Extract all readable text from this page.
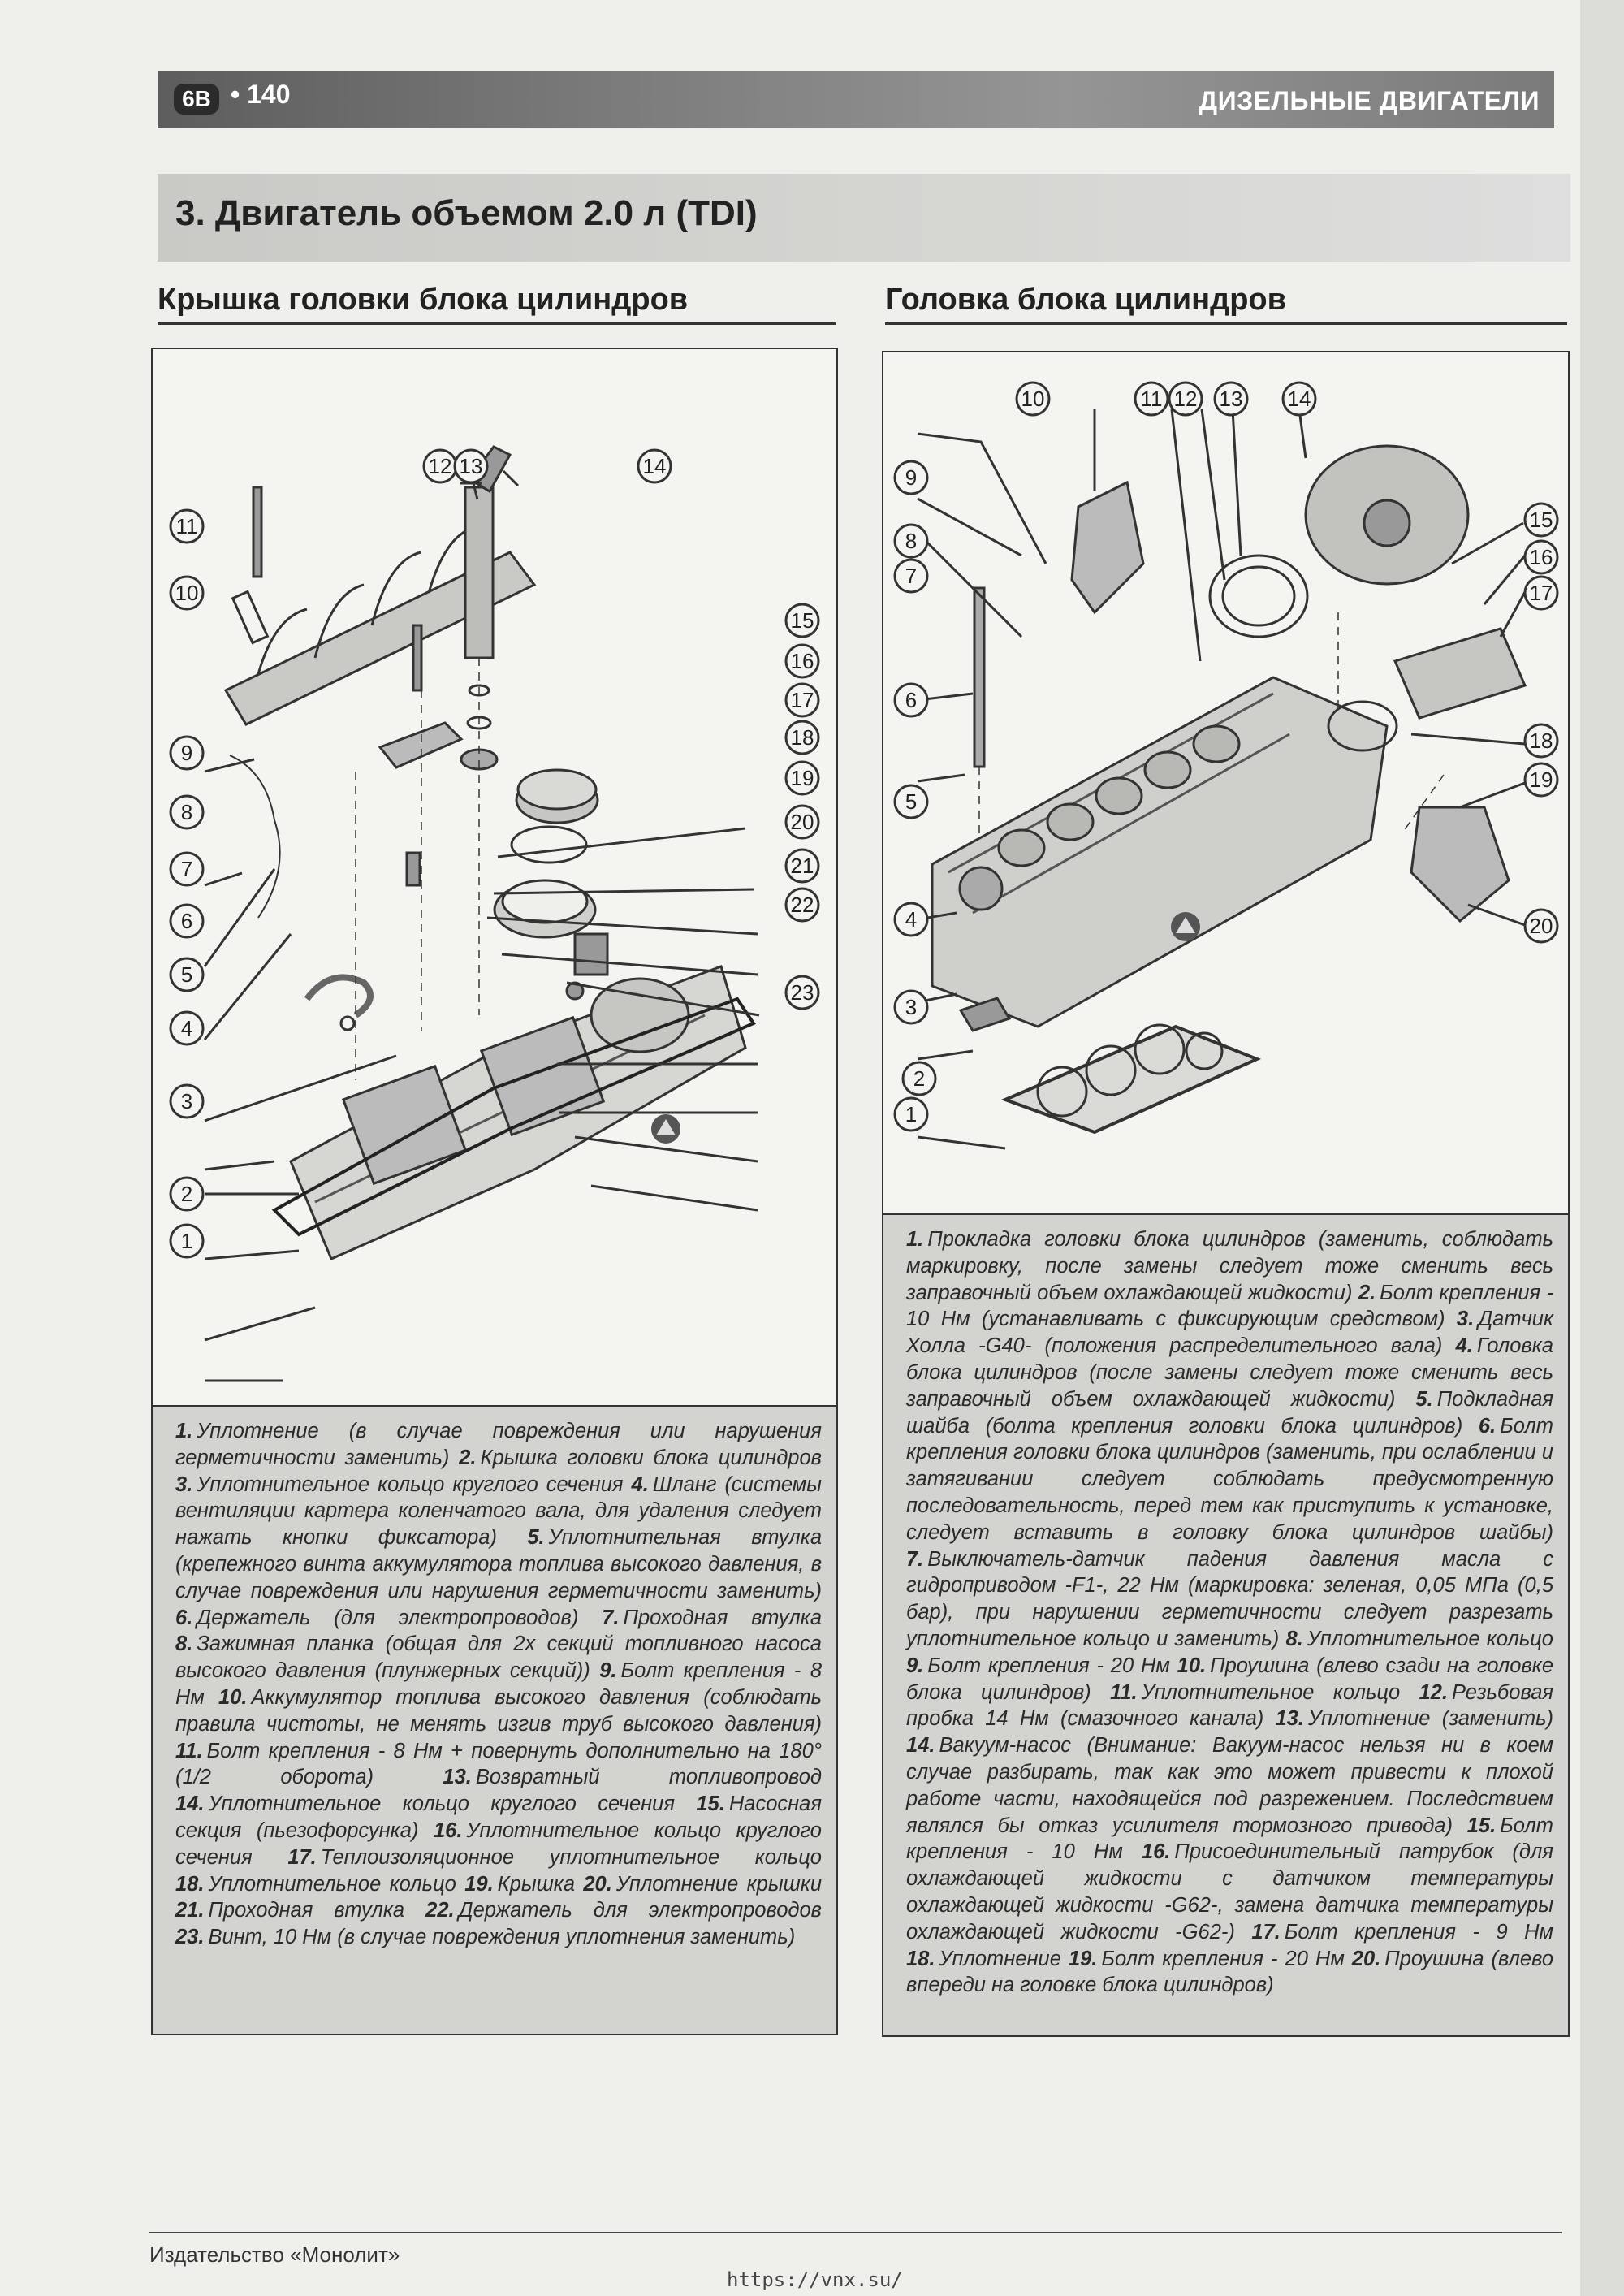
6B • 140	ДИЗЕЛЬНЫЕ ДВИГАТЕЛИ
3. Двигатель объемом 2.0 л (TDI)
Крышка головки блока цилиндров
11
10
9
8
7
6
5
4
3
2
1
12 13	14
15
16
17
18
19
20
21
22
23
1. Уплотнение (в случае повреждения или нарушения герметичности заменить) 2. Крышка головки блока цилиндров 3. Уплотнительное кольцо круглого сечения 4. Шланг (системы вентиляции картера коленчатого вала, для удаления следует нажать кнопки фиксатора) 5. Уплотнительная втулка (крепежного винта аккумулятора топлива высокого давления, в случае повреждения или нарушения герметичности заменить) 6. Держатель (для электропроводов) 7. Проходная втулка 8. Зажимная планка (общая для 2х секций топливного насоса высокого давления (плунжерных секций)) 9. Болт крепления - 8 Нм 10. Аккумулятор топлива высокого давления (соблюдать правила чистоты, не менять изгив труб высокого давления) 11. Болт крепления - 8 Нм + повернуть дополнительно на 180° (1/2 оборота) 13. Возвратный топливопровод 14. Уплотнительное кольцо круглого сечения 15. Насосная секция (пьезофорсунка) 16. Уплотнительное кольцо круглого сечения 17. Теплоизоляционное уплотнительное кольцо 18. Уплотнительное кольцо 19. Крышка 20. Уплотнение крышки 21. Проходная втулка 22. Держатель для электропроводов 23. Винт, 10 Нм (в случае повреждения уплотнения заменить)
Головка блока цилиндров
10	11 12 13 14
9
8
7
6
5
4
3
2
1
15
16
17
18
19
20
1. Прокладка головки блока цилиндров (заменить, соблюдать маркировку, после замены следует тоже сменить весь заправочный объем охлаждающей жидкости) 2. Болт крепления - 10 Нм (устанавливать с фиксирующим средством) 3. Датчик Холла -G40- (положения распределительного вала) 4. Головка блока цилиндров (после замены следует тоже сменить весь заправочный объем охлаждающей жидкости) 5. Подкладная шайба (болта крепления головки блока цилиндров) 6. Болт крепления головки блока цилиндров (заменить, при ослаблении и затягивании следует соблюдать предусмотренную последовательность, перед тем как приступить к установке, следует вставить в головку блока цилиндров шайбы) 7. Выключатель-датчик падения давления масла с гидроприводом -F1-, 22 Нм (маркировка: зеленая, 0,05 МПа (0,5 бар), при нарушении герметичности следует разрезать уплотнительное кольцо и заменить) 8. Уплотнительное кольцо 9. Болт крепления - 20 Нм 10. Проушина (влево сзади на головке блока цилиндров) 11. Уплотнительное кольцо 12. Резьбовая пробка 14 Нм (смазочного канала) 13. Уплотнение (заменить) 14. Вакуум-насос (Внимание: Вакуум-насос нельзя ни в коем случае разбирать, так как это может привести к плохой работе части, находящейся под разрежением. Последствием являлся бы отказ усилителя тормозного привода) 15. Болт крепления - 10 Нм 16. Присоединительный патрубок (для охлаждающей жидкости с датчиком температуры охлаждающей жидкости -G62-, замена датчика температуры охлаждающей жидкости -G62-) 17. Болт крепления - 9 Нм 18. Уплотнение 19. Болт крепления - 20 Нм 20. Проушина (влево впереди на головке блока цилиндров)
Издательство «Монолит»
https://vnx.su/
